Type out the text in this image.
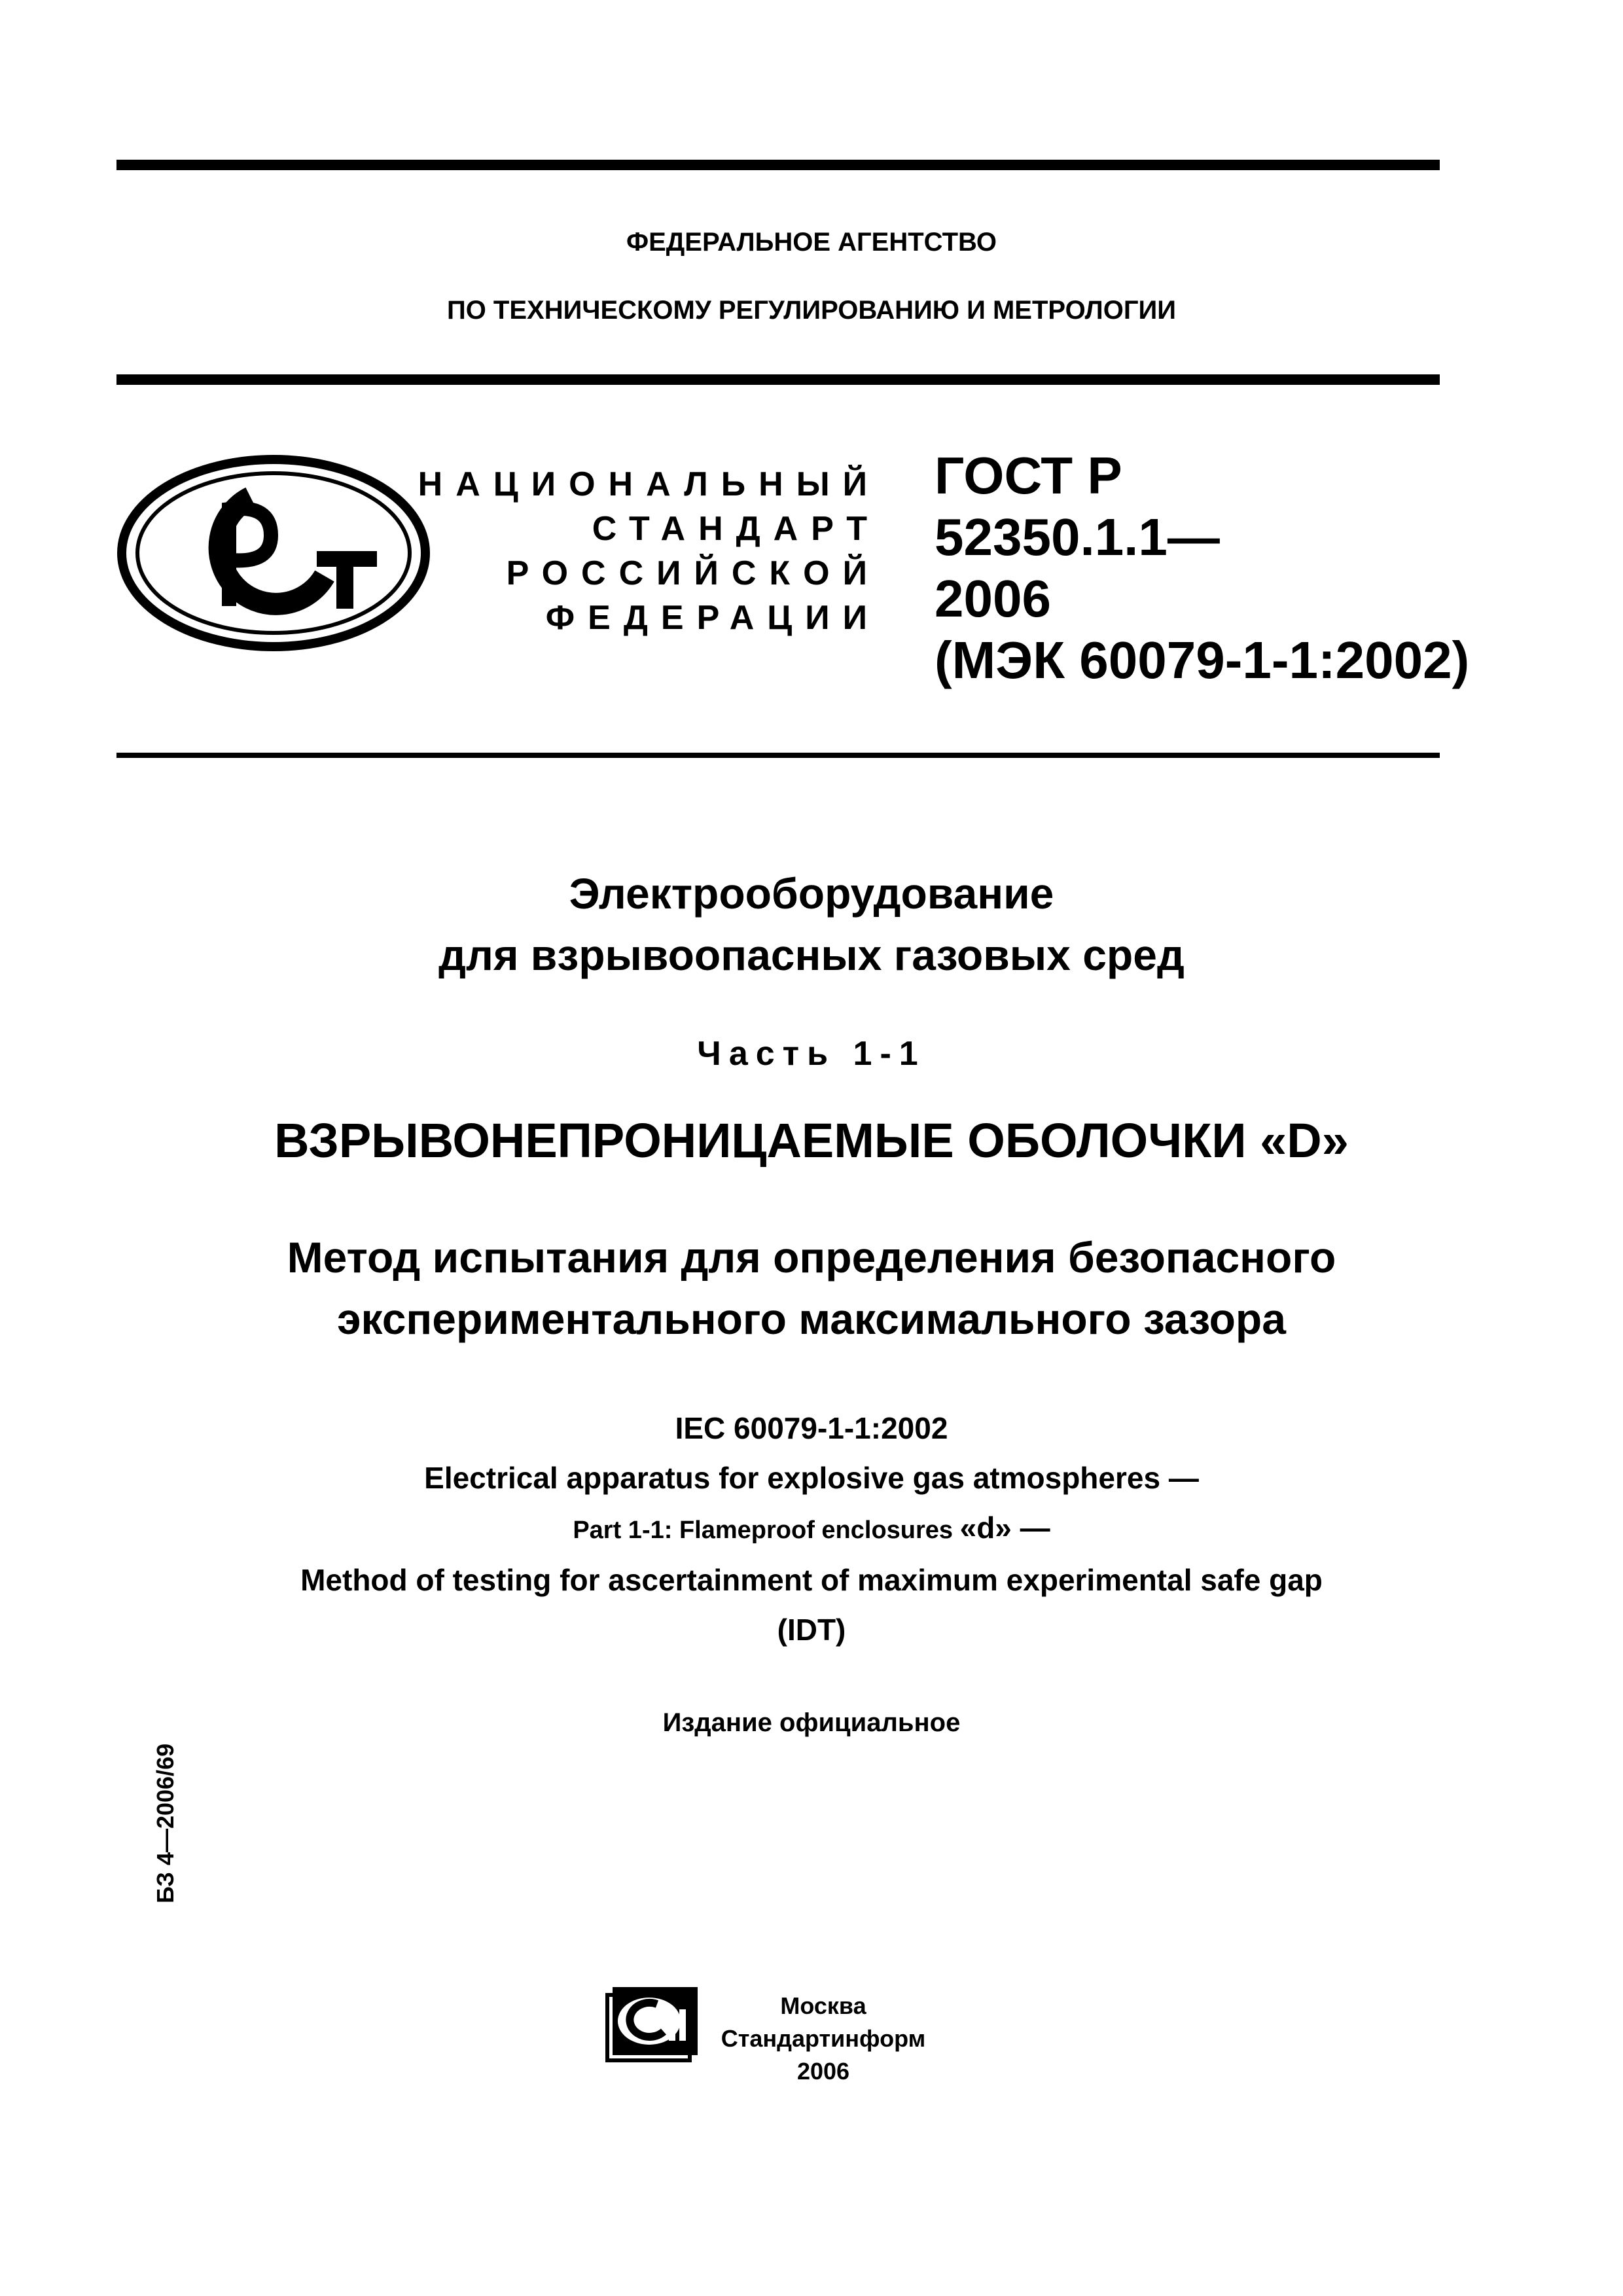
ФЕДЕРАЛЬНОЕ АГЕНТСТВО
ПО ТЕХНИЧЕСКОМУ РЕГУЛИРОВАНИЮ И МЕТРОЛОГИИ
НАЦИОНАЛЬНЫЙ
СТАНДАРТ
РОССИЙСКОЙ
ФЕДЕРАЦИИ
ГОСТ Р
52350.1.1—
2006
(МЭК 60079-1-1:2002)
Электрооборудование
для взрывоопасных газовых сред
Часть 1-1
ВЗРЫВОНЕПРОНИЦАЕМЫЕ ОБОЛОЧКИ «D»
Метод испытания для определения безопасного
экспериментального максимального зазора
IEC 60079-1-1:2002
Electrical apparatus for explosive gas atmospheres —
Part 1-1: Flameproof enclosures «d» —
Method of testing for ascertainment of maximum experimental safe gap
(IDT)
Издание официальное
БЗ 4—2006/69
Москва
Стандартинформ
2006
